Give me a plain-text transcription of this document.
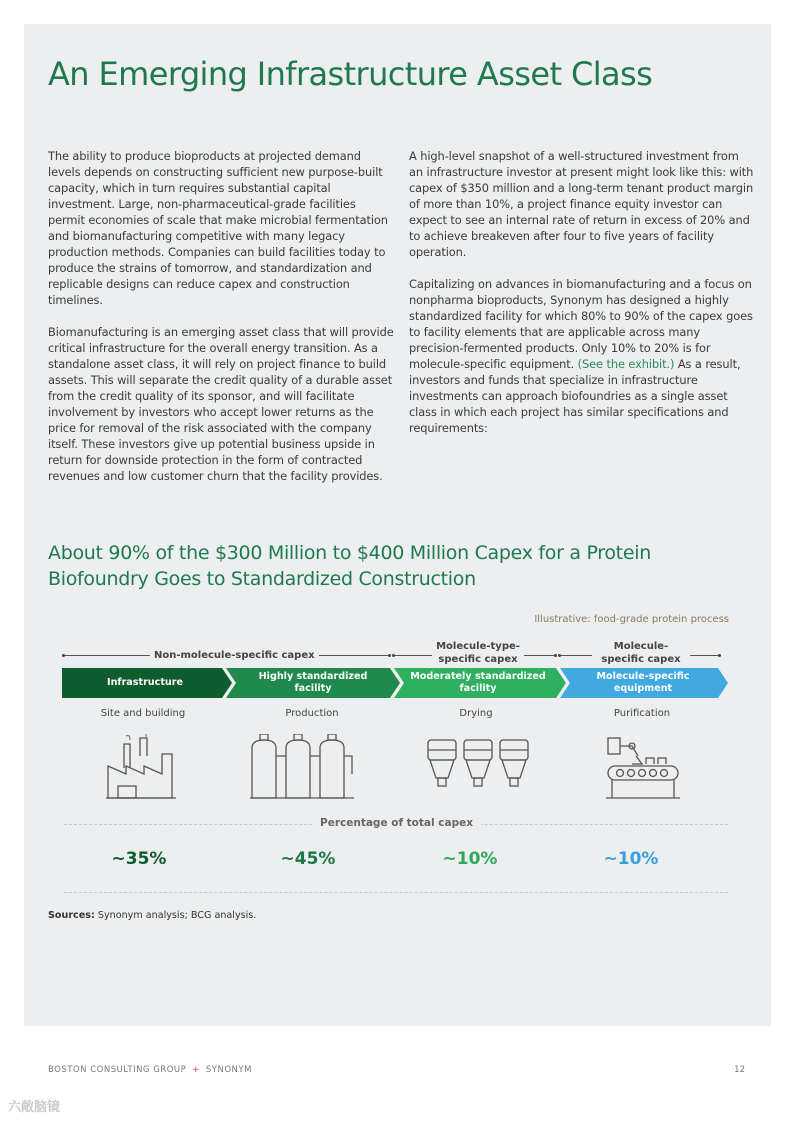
An Emerging Infrastructure Asset Class

The ability to produce bioproducts at projected demand levels depends on constructing sufficient new purpose-built capacity, which in turn requires substantial capital investment. Large, non-pharmaceutical-grade facilities permit economies of scale that make microbial fermentation and biomanufacturing competitive with many legacy production methods. Companies can build facilities today to produce the strains of tomorrow, and standardization and replicable designs can reduce capex and construction timelines.

Biomanufacturing is an emerging asset class that will provide critical infrastructure for the overall energy transition. As a standalone asset class, it will rely on project finance to build assets. This will separate the credit quality of a durable asset from the credit quality of its sponsor, and will facilitate involvement by investors who accept lower returns as the price for removal of the risk associated with the company itself. These investors give up potential business upside in return for downside protection in the form of contracted revenues and low customer churn that the facility provides.

A high-level snapshot of a well-structured investment from an infrastructure investor at present might look like this: with capex of $350 million and a long-term tenant product margin of more than 10%, a project finance equity investor can expect to see an internal rate of return in excess of 20% and to achieve breakeven after four to five years of facility operation.

Capitalizing on advances in biomanufacturing and a focus on nonpharma bioproducts, Synonym has designed a highly standardized facility for which 80% to 90% of the capex goes to facility elements that are applicable across many precision-fermented products. Only 10% to 20% is for molecule-specific equipment. (See the exhibit.) As a result, investors and funds that specialize in infrastructure investments can approach biofoundries as a single asset class in which each project has similar specifications and requirements:

About 90% of the $300 Million to $400 Million Capex for a Protein Biofoundry Goes to Standardized Construction
Illustrative: food-grade protein process
Non-molecule-specific capex
Molecule-type-specific capex
Molecule-specific capex
Infrastructure
Highly standardized facility
Moderately standardized facility
Molecule-specific equipment
Site and building	Production	Drying	Purification
Percentage of total capex
~35%	~45%	~10%	~10%
Sources: Synonym analysis; BCG analysis.
BOSTON CONSULTING GROUP + SYNONYM	12
六敞脑镜
